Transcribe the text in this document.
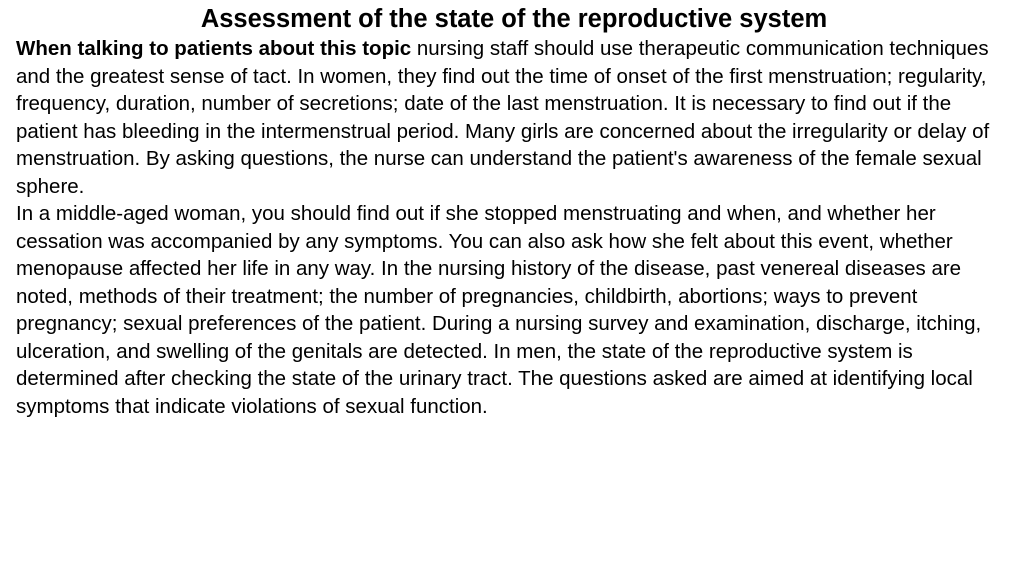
Assessment of the state of the reproductive system

When talking to patients about this topic nursing staff should use therapeutic communication techniques and the greatest sense of tact. In women, they find out the time of onset of the first menstruation; regularity, frequency, duration, number of secretions; date of the last menstruation. It is necessary to find out if the patient has bleeding in the intermenstrual period. Many girls are concerned about the irregularity or delay of menstruation. By asking questions, the nurse can understand the patient's awareness of the female sexual sphere.

In a middle-aged woman, you should find out if she stopped menstruating and when, and whether her cessation was accompanied by any symptoms. You can also ask how she felt about this event, whether menopause affected her life in any way. In the nursing history of the disease, past venereal diseases are noted, methods of their treatment; the number of pregnancies, childbirth, abortions; ways to prevent pregnancy; sexual preferences of the patient. During a nursing survey and examination, discharge, itching, ulceration, and swelling of the genitals are detected. In men, the state of the reproductive system is determined after checking the state of the urinary tract. The questions asked are aimed at identifying local symptoms that indicate violations of sexual function.
